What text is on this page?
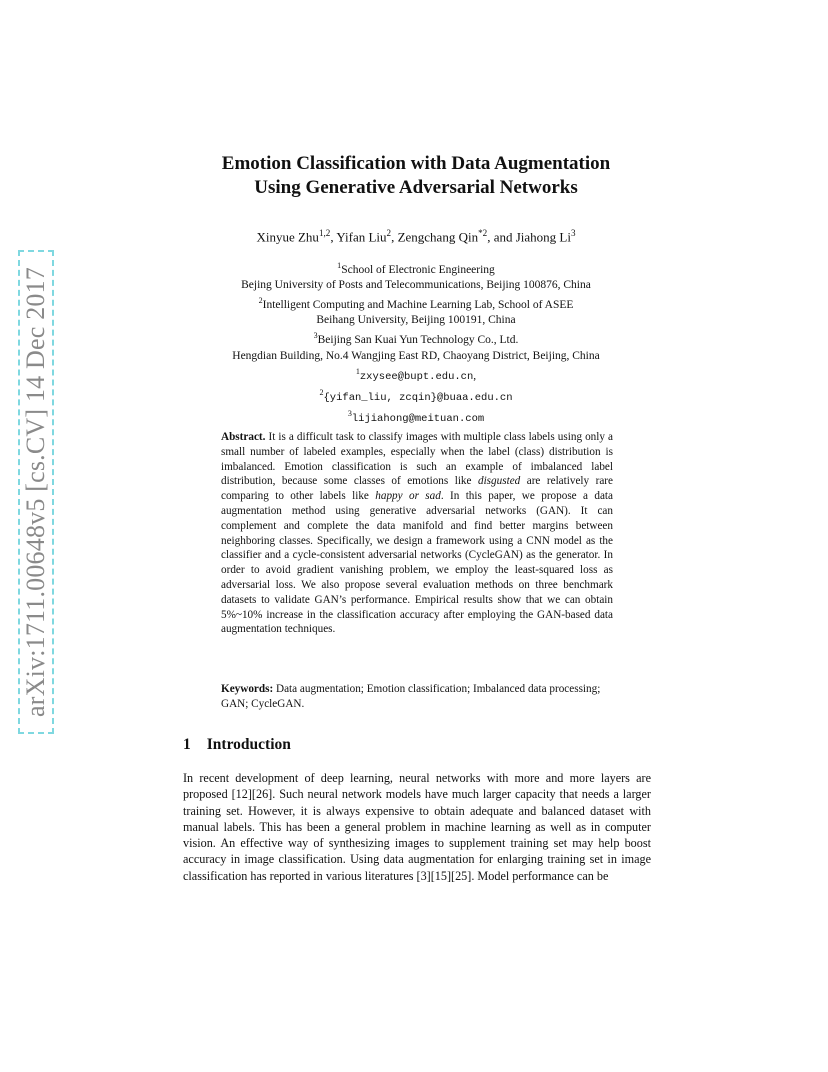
arXiv:1711.00648v5 [cs.CV] 14 Dec 2017
Emotion Classification with Data Augmentation
Using Generative Adversarial Networks
Xinyue Zhu$^{1,2}$, Yifan Liu$^2$, Zengchang Qin$^{*2}$, and Jiahong Li$^3$
$^1$School of Electronic Engineering
Bejing University of Posts and Telecommunications, Beijing 100876, China
$^2$Intelligent Computing and Machine Learning Lab, School of ASEE
Beihang University, Beijing 100191, China
$^3$Beijing San Kuai Yun Technology Co., Ltd.
Hengdian Building, No.4 Wangjing East RD, Chaoyang District, Beijing, China
$^1$zxysee@bupt.edu.cn,
$^2${yifan_liu, zcqin}@buaa.edu.cn
$^3$lijiahong@meituan.com
Abstract. It is a difficult task to classify images with multiple class labels using only a small number of labeled examples, especially when the label (class) distribution is imbalanced. Emotion classification is such an example of imbalanced label distribution, because some classes of emotions like disgusted are relatively rare comparing to other labels like happy or sad. In this paper, we propose a data augmentation method using generative adversarial networks (GAN). It can complement and complete the data manifold and find better margins between neighboring classes. Specifically, we design a framework using a CNN model as the classifier and a cycle-consistent adversarial networks (CycleGAN) as the generator. In order to avoid gradient vanishing problem, we employ the least-squared loss as adversarial loss. We also propose several evaluation methods on three benchmark datasets to validate GAN’s performance. Empirical results show that we can obtain 5%~10% increase in the classification accuracy after employing the GAN-based data augmentation techniques.
Keywords: Data augmentation; Emotion classification; Imbalanced data processing; GAN; CycleGAN.
1 Introduction
In recent development of deep learning, neural networks with more and more layers are proposed [12][26]. Such neural network models have much larger capacity that needs a larger training set. However, it is always expensive to obtain adequate and balanced dataset with manual labels. This has been a general problem in machine learning as well as in computer vision. An effective way of synthesizing images to supplement training set may help boost accuracy in image classification. Using data augmentation for enlarging training set in image classification has reported in various literatures [3][15][25]. Model performance can be
